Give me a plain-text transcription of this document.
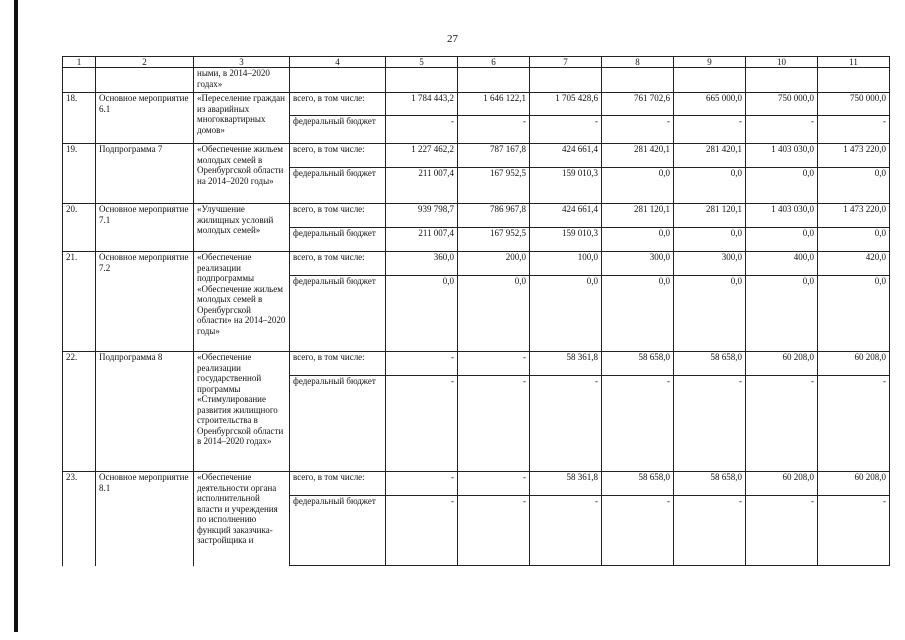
27
1	2	3	4	5	6	7	8	9	10	11
		ными, в 2014–2020 годах»								
18.	Основное мероприятие 6.1	«Переселение граждан из аварийных многоквартирных домов»	всего, в том числе:	1 784 443,2	1 646 122,1	1 705 428,6	761 702,6	665 000,0	750 000,0	750 000,0
			федеральный бюджет	-	-	-	-	-	-	-
19.	Подпрограмма 7	«Обеспечение жильем молодых семей в Оренбургской области на 2014–2020 годы»	всего, в том числе:	1 227 462,2	787 167,8	424 661,4	281 420,1	281 420,1	1 403 030,0	1 473 220,0
			федеральный бюджет	211 007,4	167 952,5	159 010,3	0,0	0,0	0,0	0,0
20.	Основное мероприятие 7.1	«Улучшение жилищных условий молодых семей»	всего, в том числе:	939 798,7	786 967,8	424 661,4	281 120,1	281 120,1	1 403 030,0	1 473 220,0
			федеральный бюджет	211 007,4	167 952,5	159 010,3	0,0	0,0	0,0	0,0
21.	Основное мероприятие 7.2	«Обеспечение реализации подпрограммы «Обеспечение жильем молодых семей в Оренбургской области» на 2014–2020 годы»	всего, в том числе:	360,0	200,0	100,0	300,0	300,0	400,0	420,0
			федеральный бюджет	0,0	0,0	0,0	0,0	0,0	0,0	0,0
22.	Подпрограмма 8	«Обеспечение реализации государственной программы «Стимулирование развития жилищного строительства в Оренбургской области в 2014–2020 годах»	всего, в том числе:	-	-	58 361,8	58 658,0	58 658,0	60 208,0	60 208,0
			федеральный бюджет	-	-	-	-	-	-	-
23.	Основное мероприятие 8.1	«Обеспечение деятельности органа исполнительной власти и учреждения по исполнению функций заказчика-застройщика и	всего, в том числе:	-	-	58 361,8	58 658,0	58 658,0	60 208,0	60 208,0
			федеральный бюджет	-	-	-	-	-	-	-
